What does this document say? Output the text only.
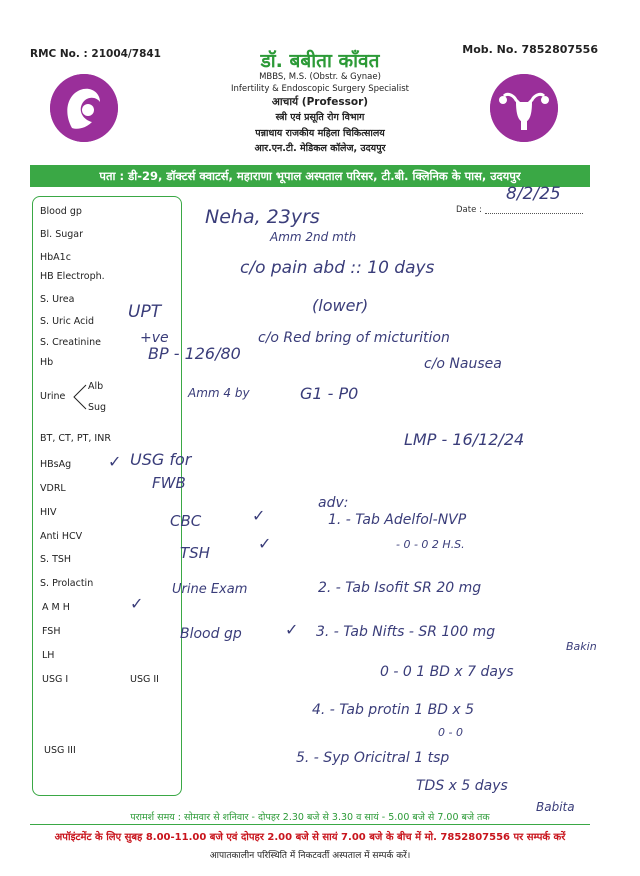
RMC No. : 21004/7841	Mob. No. 7852807556
डॉ. बबीता काँवत
MBBS, M.S. (Obstr. & Gynae)
Infertility & Endoscopic Surgery Specialist
आचार्य (Professor)
स्त्री एवं प्रसूति रोग विभाग
पन्नाधाय राजकीय महिला चिकित्सालय
आर.एन.टी. मेडिकल कॉलेज, उदयपुर
पता : डी-29, डॉक्टर्स क्वाटर्स, महाराणा भूपाल अस्पताल परिसर, टी.बी. क्लिनिक के पास, उदयपुर
Date :
8/2/25
Blood gp
Bl. Sugar
HbA1c
HB Electroph.
S. Urea
S. Uric Acid
S. Creatinine
Hb
Urine
Alb
Sug
BT, CT, PT, INR
HBsAg
VDRL
HIV
Anti HCV
S. TSH
S. Prolactin
A M H
FSH
LH
USG I	USG II
USG III
Neha, 23yrs
Amm 2nd mth
c/o pain abd :: 10 days
(lower)
UPT
+ve
BP - 126/80
c/o Red bring of micturition
c/o Nausea
Amm 4 by	G1 - P0
LMP - 16/12/24
✓ USG for
FWB
adv:
CBC	✓
TSH	✓
✓
Urine Exam
Blood gp	✓
1. - Tab Adelfol-NVP
- 0 - 0 2 H.S.
2. - Tab Isofit SR 20 mg
3. - Tab Nifts - SR 100 mg
Bakin
0 - 0 1 BD x 7 days
4. - Tab protin 1 BD x 5
0 - 0
5. - Syp Oricitral 1 tsp
TDS x 5 days
Babita
परामर्श समय : सोमवार से शनिवार - दोपहर 2.30 बजे से 3.30 व सायं - 5.00 बजे से 7.00 बजे तक
अपॉइंटमेंट के लिए सुबह 8.00-11.00 बजे एवं दोपहर 2.00 बजे से सायं 7.00 बजे के बीच में मो. 7852807556 पर सम्पर्क करें
आपातकालीन परिस्थिति में निकटवर्ती अस्पताल में सम्पर्क करें।
